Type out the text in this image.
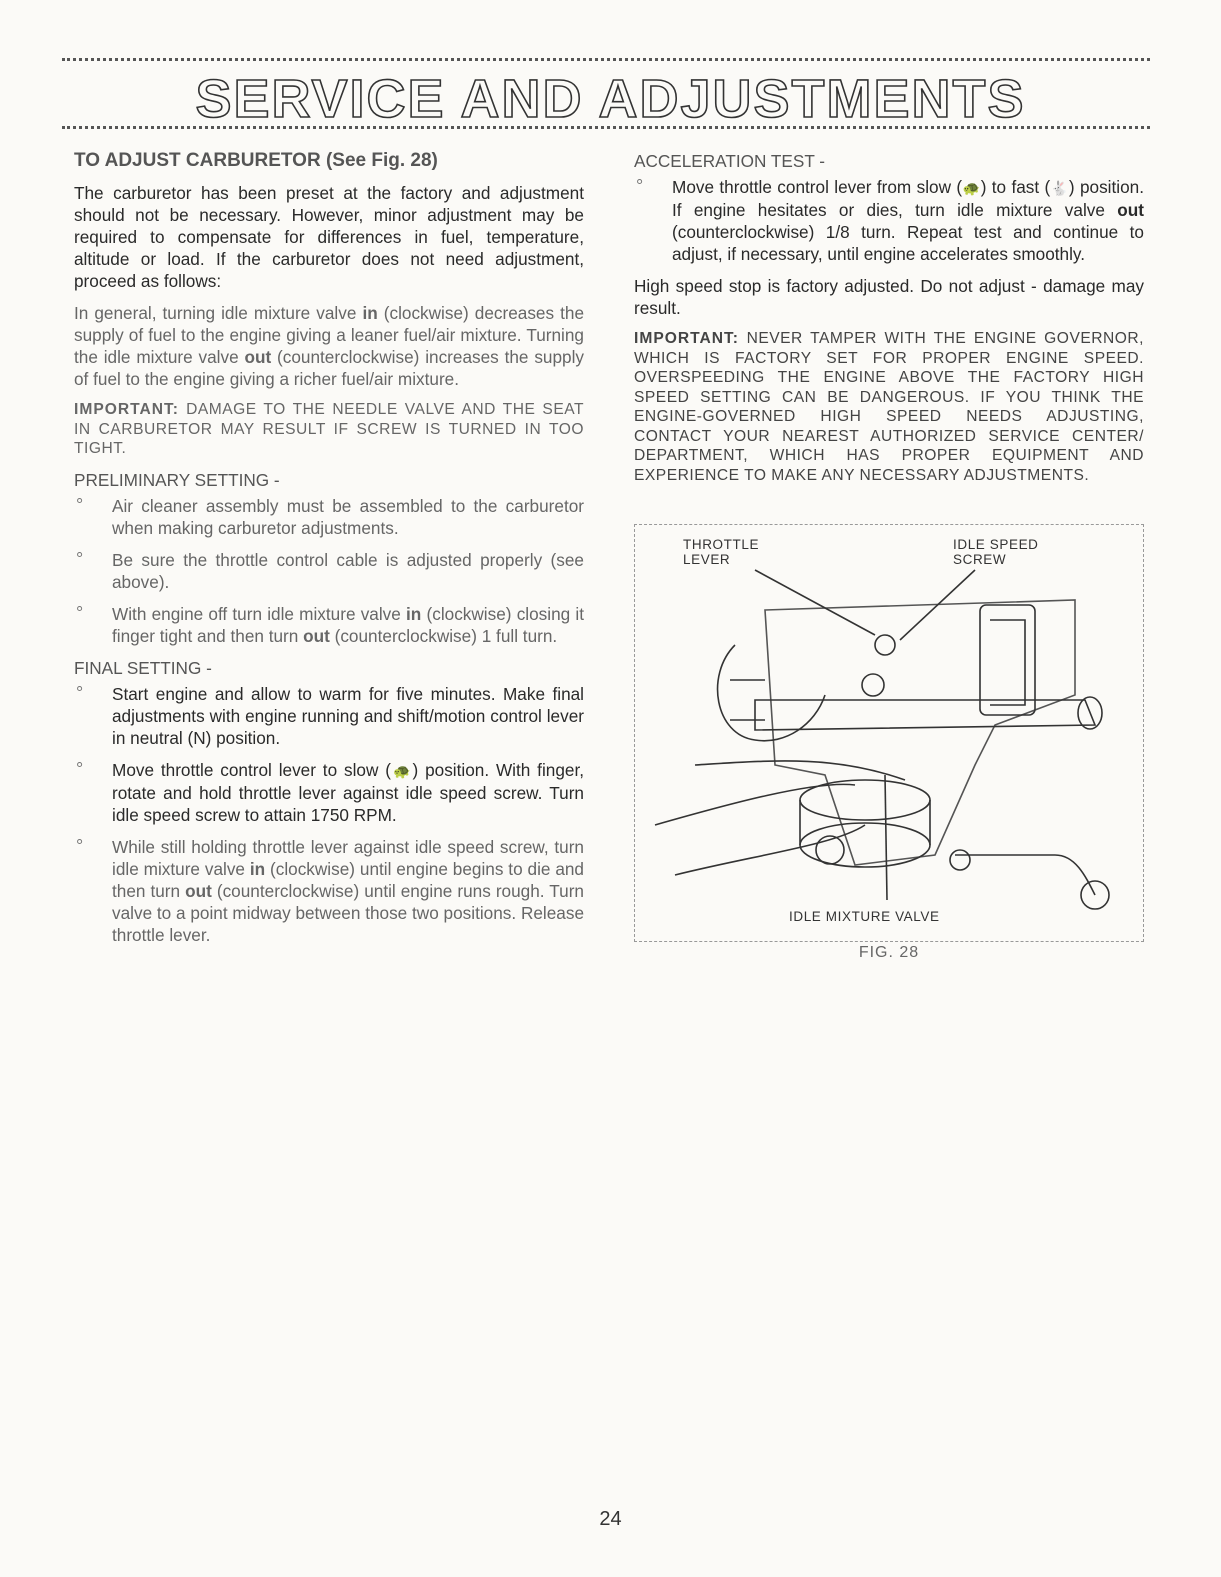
SERVICE AND ADJUSTMENTS
TO ADJUST CARBURETOR (See Fig. 28)

The carburetor has been preset at the factory and adjustment should not be necessary. However, minor adjustment may be required to compensate for differences in fuel, temperature, altitude or load. If the carburetor does not need adjustment, proceed as follows:

In general, turning idle mixture valve in (clockwise) decreases the supply of fuel to the engine giving a leaner fuel/air mixture. Turning the idle mixture valve out (counterclockwise) increases the supply of fuel to the engine giving a richer fuel/air mixture.

IMPORTANT: DAMAGE TO THE NEEDLE VALVE AND THE SEAT IN CARBURETOR MAY RESULT IF SCREW IS TURNED IN TOO TIGHT.

PRELIMINARY SETTING -
° Air cleaner assembly must be assembled to the carburetor when making carburetor adjustments.
° Be sure the throttle control cable is adjusted properly (see above).
° With engine off turn idle mixture valve in (clockwise) closing it finger tight and then turn out (counterclockwise) 1 full turn.
FINAL SETTING -
° Start engine and allow to warm for five minutes. Make final adjustments with engine running and shift/motion control lever in neutral (N) position.
° Move throttle control lever to slow (🐢) position. With finger, rotate and hold throttle lever against idle speed screw. Turn idle speed screw to attain 1750 RPM.
° While still holding throttle lever against idle speed screw, turn idle mixture valve in (clockwise) until engine begins to die and then turn out (counterclockwise) until engine runs rough. Turn valve to a point midway between those two positions. Release throttle lever.
ACCELERATION TEST -
° Move throttle control lever from slow (🐢) to fast (🐇) position. If engine hesitates or dies, turn idle mixture valve out (counterclockwise) 1/8 turn. Repeat test and continue to adjust, if necessary, until engine accelerates smoothly.

High speed stop is factory adjusted. Do not adjust - damage may result.

IMPORTANT: NEVER TAMPER WITH THE ENGINE GOVERNOR, WHICH IS FACTORY SET FOR PROPER ENGINE SPEED. OVERSPEEDING THE ENGINE ABOVE THE FACTORY HIGH SPEED SETTING CAN BE DANGEROUS. IF YOU THINK THE ENGINE-GOVERNED HIGH SPEED NEEDS ADJUSTING, CONTACT YOUR NEAREST AUTHORIZED SERVICE CENTER/ DEPARTMENT, WHICH HAS PROPER EQUIPMENT AND EXPERIENCE TO MAKE ANY NECESSARY ADJUSTMENTS.

THROTTLE
LEVER
IDLE SPEED
SCREW
IDLE MIXTURE VALVE
FIG. 28
24
